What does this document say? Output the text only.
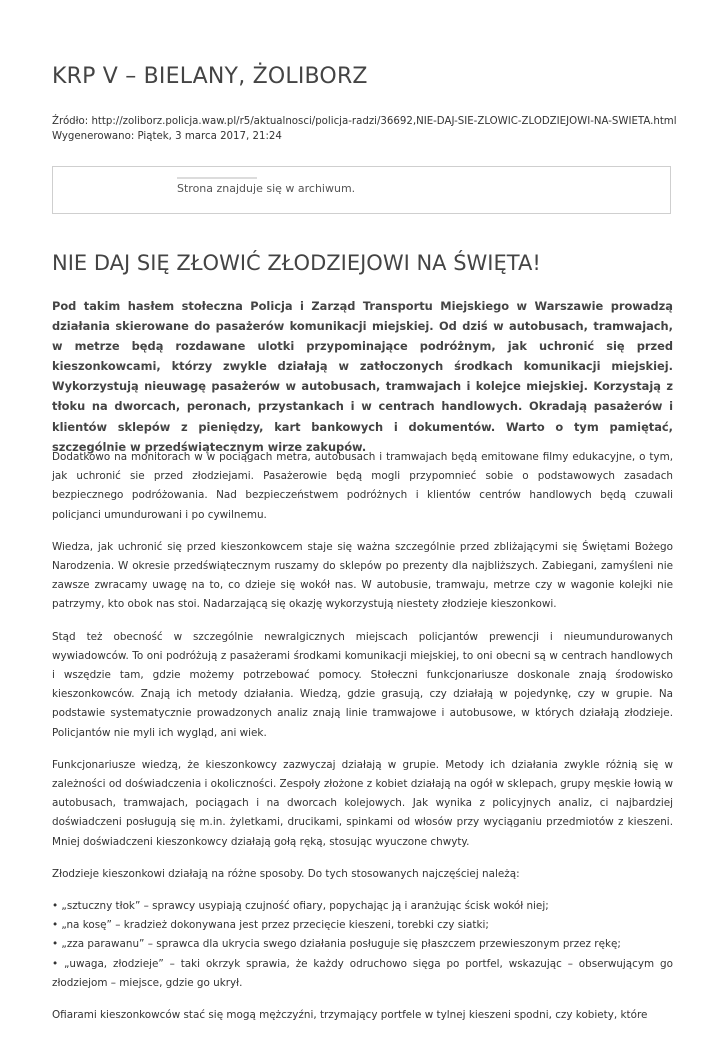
KRP V – BIELANY, ŻOLIBORZ
Źródło: http://zoliborz.policja.waw.pl/r5/aktualnosci/policja-radzi/36692,NIE-DAJ-SIE-ZLOWIC-ZLODZIEJOWI-NA-SWIETA.html
Wygenerowano: Piątek, 3 marca 2017, 21:24
Strona znajduje się w archiwum.
NIE DAJ SIĘ ZŁOWIĆ ZŁODZIEJOWI NA ŚWIĘTA!

Pod takim hasłem stołeczna Policja i Zarząd Transportu Miejskiego w Warszawie prowadzą działania skierowane do pasażerów komunikacji miejskiej. Od dziś w autobusach, tramwajach, w metrze będą rozdawane ulotki przypominające podróżnym, jak uchronić się przed kieszonkowcami, którzy zwykle działają w zatłoczonych środkach komunikacji miejskiej. Wykorzystują nieuwagę pasażerów w autobusach, tramwajach i kolejce miejskiej. Korzystają z tłoku na dworcach, peronach, przystankach i w centrach handlowych. Okradają pasażerów i klientów sklepów z pieniędzy, kart bankowych i dokumentów. Warto o tym pamiętać, szczególnie w przedświątecznym wirze zakupów.

Dodatkowo na monitorach w w pociągach metra, autobusach i tramwajach będą emitowane filmy edukacyjne, o tym, jak uchronić sie przed złodziejami. Pasażerowie będą mogli przypomnieć sobie o podstawowych zasadach bezpiecznego podróżowania. Nad bezpieczeństwem podróżnych i klientów centrów handlowych będą czuwali policjanci umundurowani i po cywilnemu.

Wiedza, jak uchronić się przed kieszonkowcem staje się ważna szczególnie przed zbliżającymi się Świętami Bożego Narodzenia. W okresie przedświątecznym ruszamy do sklepów po prezenty dla najbliższych. Zabiegani, zamyśleni nie zawsze zwracamy uwagę na to, co dzieje się wokół nas. W autobusie, tramwaju, metrze czy w wagonie kolejki nie patrzymy, kto obok nas stoi. Nadarzającą się okazję wykorzystują niestety złodzieje kieszonkowi.

Stąd też obecność w szczególnie newralgicznych miejscach policjantów prewencji i nieumundurowanych wywiadowców. To oni podróżują z pasażerami środkami komunikacji miejskiej, to oni obecni są w centrach handlowych i wszędzie tam, gdzie możemy potrzebować pomocy. Stołeczni funkcjonariusze doskonale znają środowisko kieszonkowców. Znają ich metody działania. Wiedzą, gdzie grasują, czy działają w pojedynkę, czy w grupie. Na podstawie systematycznie prowadzonych analiz znają linie tramwajowe i autobusowe, w których działają złodzieje. Policjantów nie myli ich wygląd, ani wiek.

Funkcjonariusze wiedzą, że kieszonkowcy zazwyczaj działają w grupie. Metody ich działania zwykle różnią się w zależności od doświadczenia i okoliczności. Zespoły złożone z kobiet działają na ogół w sklepach, grupy męskie łowią w autobusach, tramwajach, pociągach i na dworcach kolejowych. Jak wynika z policyjnych analiz, ci najbardziej doświadczeni posługują się m.in. żyletkami, drucikami, spinkami od włosów przy wyciąganiu przedmiotów z kieszeni. Mniej doświadczeni kieszonkowcy działają gołą ręką, stosując wyuczone chwyty.

Złodzieje kieszonkowi działają na różne sposoby. Do tych stosowanych najczęściej należą:

• „sztuczny tłok” – sprawcy usypiają czujność ofiary, popychając ją i aranżując ścisk wokół niej;
• „na kosę” – kradzież dokonywana jest przez przecięcie kieszeni, torebki czy siatki;
• „zza parawanu” – sprawca dla ukrycia swego działania posługuje się płaszczem przewieszonym przez rękę;
• „uwaga, złodzieje” – taki okrzyk sprawia, że każdy odruchowo sięga po portfel, wskazując – obserwującym go złodziejom – miejsce, gdzie go ukrył.

Ofiarami kieszonkowców stać się mogą mężczyźni, trzymający portfele w tylnej kieszeni spodni, czy kobiety, które
